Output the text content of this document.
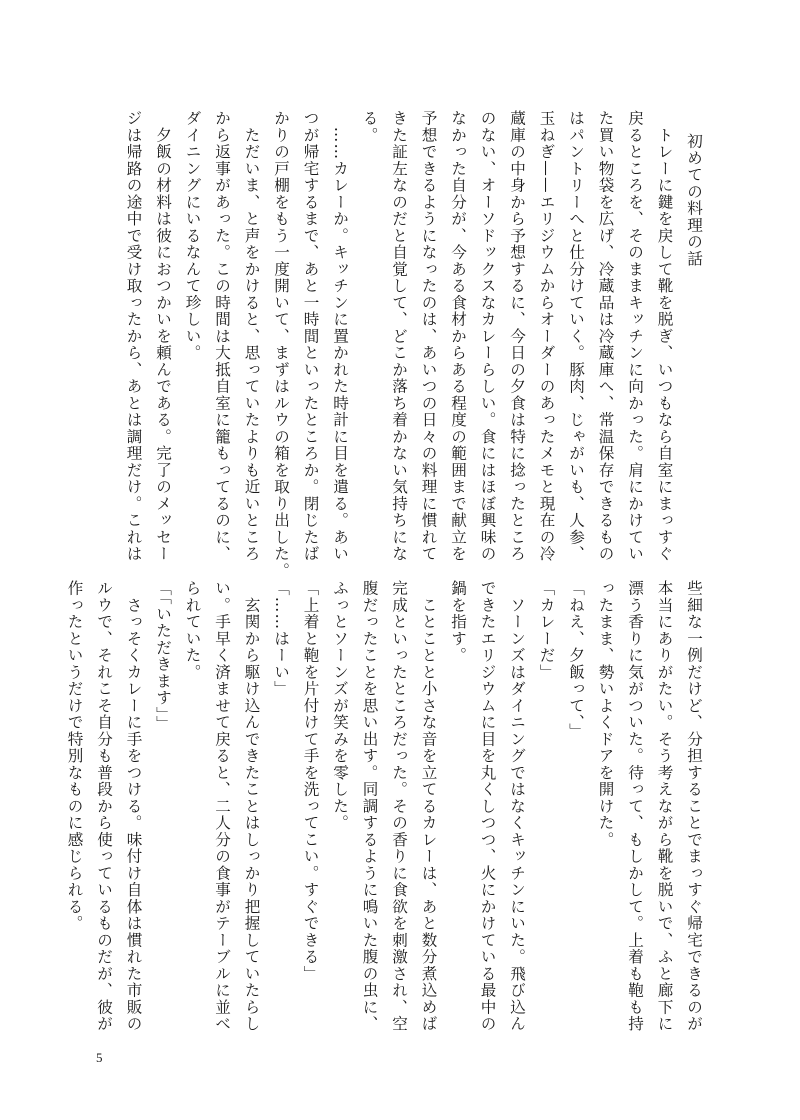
初めての料理の話

　トレーに鍵を戻して靴を脱ぎ、いつもなら自室にまっすぐ

戻るところを、そのままキッチンに向かった。肩にかけてい

た買い物袋を広げ、冷蔵品は冷蔵庫へ、常温保存できるもの

はパントリーへと仕分けていく。豚肉、じゃがいも、人参、

玉ねぎ——エリジウムからオーダーのあったメモと現在の冷

蔵庫の中身から予想するに、今日の夕食は特に捻ったところ

のない、オーソドックスなカレーらしい。食にはほぼ興味の

なかった自分が、今ある食材からある程度の範囲まで献立を

予想できるようになったのは、あいつの日々の料理に慣れて

きた証左なのだと自覚して、どこか落ち着かない気持ちにな

る。

　……カレーか。キッチンに置かれた時計に目を遣る。あい

つが帰宅するまで、あと一時間といったところか。閉じたば

かりの戸棚をもう一度開いて、まずはルウの箱を取り出した。

　ただいま、と声をかけると、思っていたよりも近いところ

から返事があった。この時間は大抵自室に籠もってるのに、

ダイニングにいるなんて珍しい。

　夕飯の材料は彼におつかいを頼んである。完了のメッセー

ジは帰路の途中で受け取ったから、あとは調理だけ。これは

些細な一例だけど、分担することでまっすぐ帰宅できるのが

本当にありがたい。そう考えながら靴を脱いで、ふと廊下に

漂う香りに気がついた。待って、もしかして。上着も鞄も持

ったまま、勢いよくドアを開けた。

「ねえ、夕飯って、」

「カレーだ」

　ソーンズはダイニングではなくキッチンにいた。飛び込ん

できたエリジウムに目を丸くしつつ、火にかけている最中の

鍋を指す。

　ことことと小さな音を立てるカレーは、あと数分煮込めば

完成といったところだった。その香りに食欲を刺激され、空

腹だったことを思い出す。同調するように鳴いた腹の虫に、

ふっとソーンズが笑みを零した。

「上着と鞄を片付けて手を洗ってこい。すぐできる」

「……はーい」

　玄関から駆け込んできたことはしっかり把握していたらし

い。手早く済ませて戻ると、二人分の食事がテーブルに並べ

られていた。

「「いただきます」」

　さっそくカレーに手をつける。味付け自体は慣れた市販の

ルウで、それこそ自分も普段から使っているものだが、彼が

作ったというだけで特別なものに感じられる。

5
